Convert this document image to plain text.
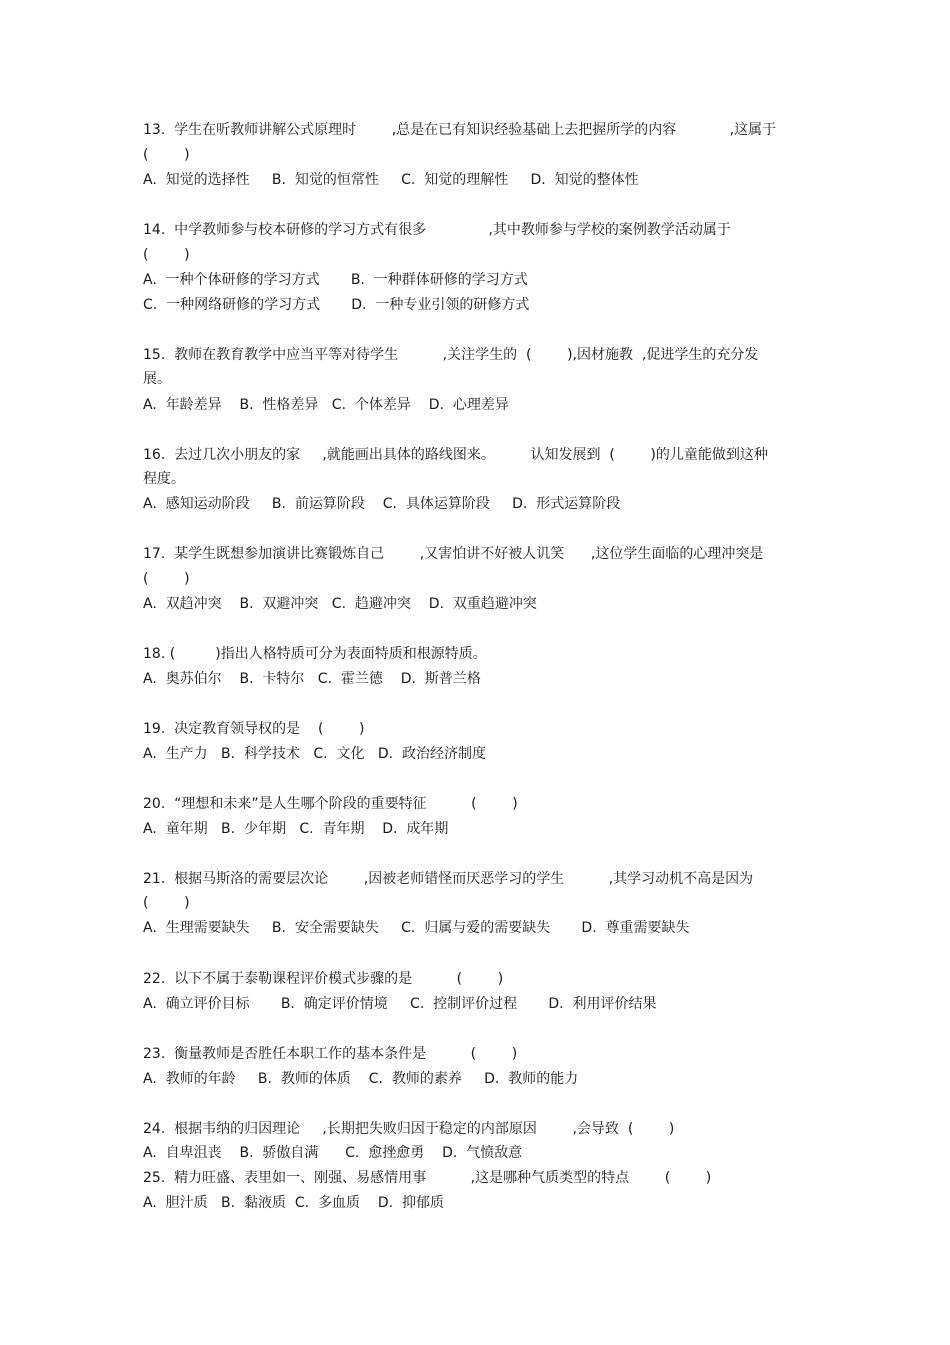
13.  学生在听教师讲解公式原理时        ,总是在已有知识经验基础上去把握所学的内容            ,这属于
(        )
A.  知觉的选择性     B.  知觉的恒常性     C.  知觉的理解性     D.  知觉的整体性
14.  中学教师参与校本研修的学习方式有很多              ,其中教师参与学校的案例教学活动属于
(        )
A.  一种个体研修的学习方式       B.  一种群体研修的学习方式
C.  一种网络研修的学习方式       D.  一种专业引领的研修方式
15.  教师在教育教学中应当平等对待学生          ,关注学生的  (        ),因材施教  ,促进学生的充分发
展。
A.  年龄差异    B.  性格差异   C.  个体差异    D.  心理差异
16.  去过几次小朋友的家     ,就能画出具体的路线图来。        认知发展到  (        )的儿童能做到这种
程度。
A.  感知运动阶段     B.  前运算阶段    C.  具体运算阶段     D.  形式运算阶段
17.  某学生既想参加演讲比赛锻炼自己        ,又害怕讲不好被人讥笑      ,这位学生面临的心理冲突是
(        )
A.  双趋冲突    B.  双避冲突   C.  趋避冲突    D.  双重趋避冲突
18. (         )指出人格特质可分为表面特质和根源特质。
A.  奥苏伯尔    B.  卡特尔   C.  霍兰德    D.  斯普兰格
19.  决定教育领导权的是    (        )
A.  生产力   B.  科学技术   C.  文化   D.  政治经济制度
20.  “理想和未来”是人生哪个阶段的重要特征          (        )
A.  童年期   B.  少年期   C.  青年期    D.  成年期
21.  根据马斯洛的需要层次论        ,因被老师错怪而厌恶学习的学生          ,其学习动机不高是因为
(        )
A.  生理需要缺失     B.  安全需要缺失     C.  归属与爱的需要缺失       D.  尊重需要缺失
22.  以下不属于泰勒课程评价模式步骤的是          (        )
A.  确立评价目标       B.  确定评价情境     C.  控制评价过程       D.  利用评价结果
23.  衡量教师是否胜任本职工作的基本条件是          (        )
A.  教师的年龄     B.  教师的体质    C.  教师的素养     D.  教师的能力
24.  根据韦纳的归因理论     ,长期把失败归因于稳定的内部原因        ,会导致  (        )
A.  自卑沮丧    B.  骄傲自满      C.  愈挫愈勇    D.  气愤敌意
25.  精力旺盛、表里如一、刚强、易感情用事          ,这是哪种气质类型的特点        (        )
A.  胆汁质   B.  黏液质  C.  多血质    D.  抑郁质
